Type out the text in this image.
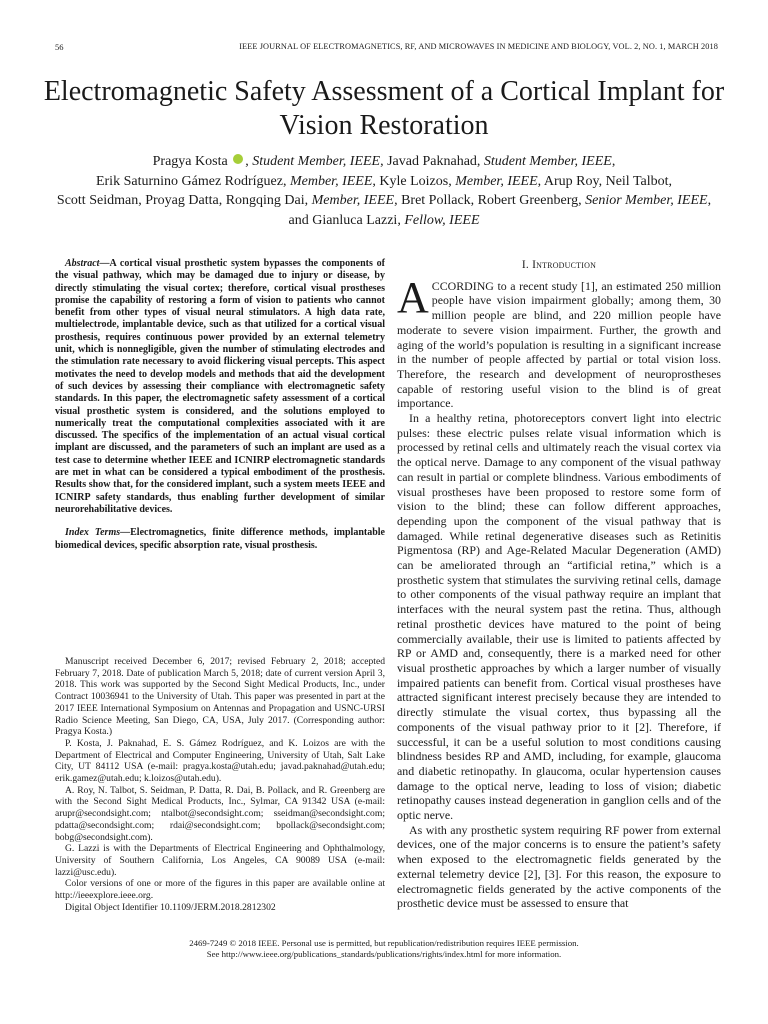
56	IEEE JOURNAL OF ELECTROMAGNETICS, RF, AND MICROWAVES IN MEDICINE AND BIOLOGY, VOL. 2, NO. 1, MARCH 2018
Electromagnetic Safety Assessment of a Cortical Implant for Vision Restoration
Pragya Kosta , Student Member, IEEE, Javad Paknahad, Student Member, IEEE,
Erik Saturnino Gámez Rodríguez, Member, IEEE, Kyle Loizos, Member, IEEE, Arup Roy, Neil Talbot,
Scott Seidman, Proyag Datta, Rongqing Dai, Member, IEEE, Bret Pollack, Robert Greenberg, Senior Member, IEEE,
and Gianluca Lazzi, Fellow, IEEE

Abstract—A cortical visual prosthetic system bypasses the components of the visual pathway, which may be damaged due to injury or disease, by directly stimulating the visual cortex; therefore, cortical visual prostheses promise the capability of restoring a form of vision to patients who cannot benefit from other types of visual neural stimulators. A high data rate, multielectrode, implantable device, such as that utilized for a cortical visual prosthesis, requires continuous power provided by an external telemetry unit, which is nonnegligible, given the number of stimulating electrodes and the stimulation rate necessary to avoid flickering visual percepts. This aspect motivates the need to develop models and methods that aid the development of such devices by assessing their compliance with electromagnetic safety standards. In this paper, the electromagnetic safety assessment of a cortical visual prosthetic system is considered, and the solutions employed to numerically treat the computational complexities associated with it are discussed. The specifics of the implementation of an actual visual cortical implant are discussed, and the parameters of such an implant are used as a test case to determine whether IEEE and ICNIRP electromagnetic standards are met in what can be considered a typical embodiment of the prosthesis. Results show that, for the considered implant, such a system meets IEEE and ICNIRP safety standards, thus enabling further development of similar neurorehabilitative devices.

Index Terms—Electromagnetics, finite difference methods, implantable biomedical devices, specific absorption rate, visual prosthesis.

Manuscript received December 6, 2017; revised February 2, 2018; accepted February 7, 2018. Date of publication March 5, 2018; date of current version April 3, 2018. This work was supported by the Second Sight Medical Products, Inc., under Contract 10036941 to the University of Utah. This paper was presented in part at the 2017 IEEE International Symposium on Antennas and Propagation and USNC-URSI Radio Science Meeting, San Diego, CA, USA, July 2017. (Corresponding author: Pragya Kosta.)

P. Kosta, J. Paknahad, E. S. Gámez Rodríguez, and K. Loizos are with the Department of Electrical and Computer Engineering, University of Utah, Salt Lake City, UT 84112 USA (e-mail: pragya.kosta@utah.edu; javad.paknahad@utah.edu; erik.gamez@utah.edu; k.loizos@utah.edu).

A. Roy, N. Talbot, S. Seidman, P. Datta, R. Dai, B. Pollack, and R. Greenberg are with the Second Sight Medical Products, Inc., Sylmar, CA 91342 USA (e-mail: arupr@secondsight.com; ntalbot@secondsight.com; sseidman@secondsight.com; pdatta@secondsight.com; rdai@secondsight.com; bpollack@secondsight.com; bobg@secondsight.com).

G. Lazzi is with the Departments of Electrical Engineering and Ophthalmology, University of Southern California, Los Angeles, CA 90089 USA (e-mail: lazzi@usc.edu).

Color versions of one or more of the figures in this paper are available online at http://ieeexplore.ieee.org.

Digital Object Identifier 10.1109/JERM.2018.2812302

I. Introduction

ACCORDING to a recent study [1], an estimated 250 million people have vision impairment globally; among them, 30 million people are blind, and 220 million people have moderate to severe vision impairment. Further, the growth and aging of the world’s population is resulting in a significant increase in the number of people affected by partial or total vision loss. Therefore, the research and development of neuroprostheses capable of restoring useful vision to the blind is of great importance.

In a healthy retina, photoreceptors convert light into electric pulses: these electric pulses relate visual information which is processed by retinal cells and ultimately reach the visual cortex via the optical nerve. Damage to any component of the visual pathway can result in partial or complete blindness. Various embodiments of visual prostheses have been proposed to restore some form of vision to the blind; these can follow different approaches, depending upon the component of the visual pathway that is damaged. While retinal degenerative diseases such as Retinitis Pigmentosa (RP) and Age-Related Macular Degeneration (AMD) can be ameliorated through an “artificial retina,” which is a prosthetic system that stimulates the surviving retinal cells, damage to other components of the visual pathway require an implant that interfaces with the neural system past the retina. Thus, although retinal prosthetic devices have matured to the point of being commercially available, their use is limited to patients affected by RP or AMD and, consequently, there is a marked need for other visual prosthetic approaches by which a larger number of visually impaired patients can benefit from. Cortical visual prostheses have attracted significant interest precisely because they are intended to directly stimulate the visual cortex, thus bypassing all the components of the visual pathway prior to it [2]. Therefore, if successful, it can be a useful solution to most conditions causing blindness besides RP and AMD, including, for example, glaucoma and diabetic retinopathy. In glaucoma, ocular hypertension causes damage to the optical nerve, leading to loss of vision; diabetic retinopathy causes instead degeneration in ganglion cells and of the optic nerve.

As with any prosthetic system requiring RF power from external devices, one of the major concerns is to ensure the patient’s safety when exposed to the electromagnetic fields generated by the external telemetry device [2], [3]. For this reason, the exposure to electromagnetic fields generated by the active components of the prosthetic device must be assessed to ensure that

2469-7249 © 2018 IEEE. Personal use is permitted, but republication/redistribution requires IEEE permission.
See http://www.ieee.org/publications_standards/publications/rights/index.html for more information.
